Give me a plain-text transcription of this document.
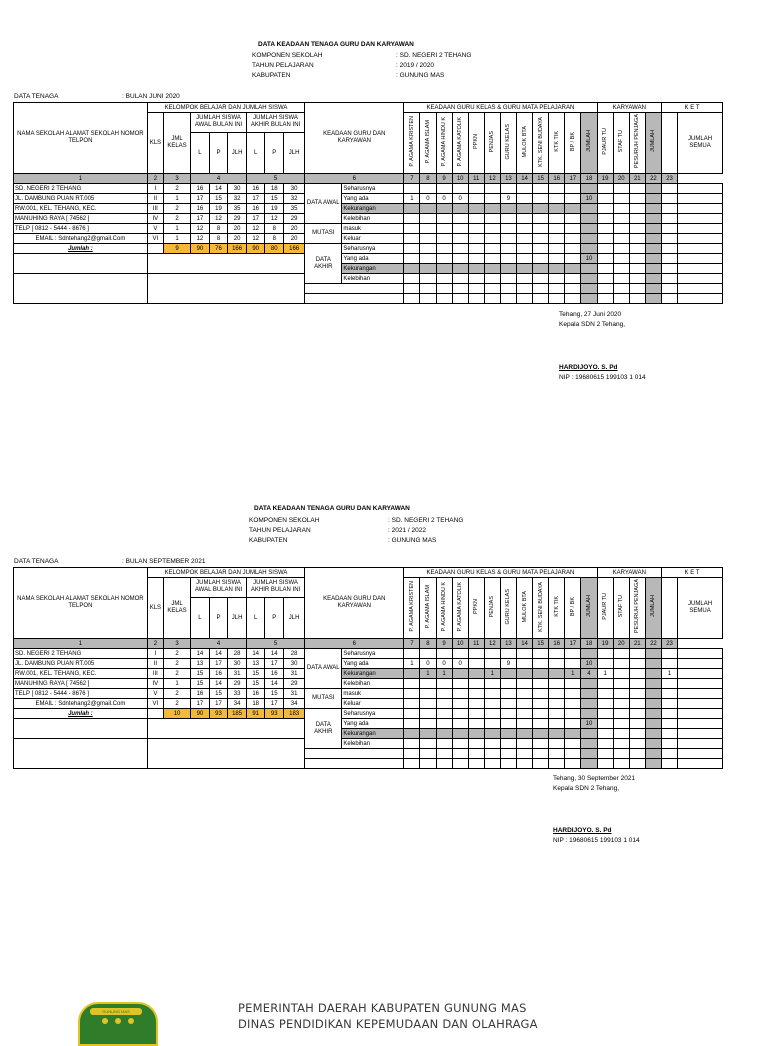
DATA KEADAAN TENAGA GURU DAN KARYAWAN
KOMPONEN SEKOLAH	: SD. NEGERI 2 TEHANG
TAHUN PELAJARAN	: 2019 / 2020
KABUPATEN	: GUNUNG MAS
DATA TENAGA	: BULAN JUNI 2020
NAMA SEKOLAH ALAMAT SEKOLAH NOMOR TELPON	KELOMPOK BELAJAR DAN JUMLAH SISWA								KEADAAN GURU DAN KARYAWAN		KEADAAN GURU KELAS & GURU MATA PELAJARAN												KARYAWAN				K E T	
	KLS	JML KELAS	JUMLAH SISWA AWAL BULAN INI			JUMLAH SISWA AKHIR BULAN INI					P. AGAMA KRISTEN	P. AGAMA ISLAM	P. AGAMA HINDU K	P. AGAMA KATOLIK	PPKN	PENJAS	GURU KELAS	MULOK BTA	KTK. SENI BUDAYA	KTK TIK	BP / BK	JUMLAH	PJAUR TU	STAF TU	PESURUH PENJAGA	JUMLAH		JUMLAH SEMUA
			L	P	JLH	L	P	JLH																				
1	2	3	4			5			6		7	8	9	10	11	12	13	14	15	16	17	18	19	20	21	22	23	
SD. NEGERI 2 TEHANG	I	2	16	14	30	16	18	30	DATA AWAL	Seharusnya																		
JL. DAMBUNG PUAN RT.005	II	1	17	15	32	17	15	32		Yang ada	1	0	0	0			9					10						
RW.001, KEL. TEHANG, KEC.	III	2	16	19	35	16	19	35		Kekurangan																		
MANUHING RAYA [ 74562 ]	IV	2	17	12	29	17	12	29		Kelebihan																		
TELP [ 0812 - 5444 - 8676 ]	V	1	12	8	20	12	8	20	MUTASI	masuk																		
EMAIL : Sdntehang2@gmail.Com	VI	1	12	8	20	12	8	20		Keluar																		
Jumlah :		9	90	76	166	90	80	166	DATA AKHIR	Seharusnya																		
										Yang ada												10						
										Kekurangan																		
										Kelebihan																		

Tehang, 27 Juni 2020
Kepala SDN 2 Tehang,
HARDIJOYO. S. Pd
NIP : 19680615 199103 1 014
DATA KEADAAN TENAGA GURU DAN KARYAWAN
KOMPONEN SEKOLAH	: SD. NEGERI 2 TEHANG
TAHUN PELAJARAN	: 2021 / 2022
KABUPATEN	: GUNUNG MAS
DATA TENAGA	: BULAN SEPTEMBER 2021
NAMA SEKOLAH ALAMAT SEKOLAH NOMOR TELPON	KELOMPOK BELAJAR DAN JUMLAH SISWA								KEADAAN GURU DAN KARYAWAN		KEADAAN GURU KELAS & GURU MATA PELAJARAN												KARYAWAN				K E T	
	KLS	JML KELAS	JUMLAH SISWA AWAL BULAN INI			JUMLAH SISWA AKHIR BULAN INI					P. AGAMA KRISTEN	P. AGAMA ISLAM	P. AGAMA HINDU K	P. AGAMA KATOLIK	PPKN	PENJAS	GURU KELAS	MULOK BTA	KTK. SENI BUDAYA	KTK TIK	BP / BK	JUMLAH	PJAUR TU	STAF TU	PESURUH PENJAGA	JUMLAH		JUMLAH SEMUA
			L	P	JLH	L	P	JLH																				
1	2	3	4			5			6		7	8	9	10	11	12	13	14	15	16	17	18	19	20	21	22	23	
SD. NEGERI 2 TEHANG	I	2	14	14	28	14	14	28	DATA AWAL	Seharusnya																		
JL. DAMBUNG PUAN RT.005	II	2	13	17	30	13	17	30		Yang ada	1	0	0	0			9					10						
RW.001, KEL. TEHANG, KEC.	III	2	15	16	31	15	16	31		Kekurangan		1	1			1					1	4	1				1	
MANUHING RAYA [ 74562 ]	IV	1	15	14	29	15	14	29		Kelebihan																		
TELP [ 0812 - 5444 - 8676 ]	V	2	16	15	33	16	15	31	MUTASI	masuk																		
EMAIL : Sdntehang2@gmail.Com	VI	2	17	17	34	18	17	34		Keluar																		
Jumlah :		10	90	93	185	91	93	183	DATA AKHIR	Seharusnya																		
										Yang ada												10						
										Kekurangan																		
										Kelebihan																		

Tehang, 30 September 2021
Kepala SDN 2 Tehang,
HARDIJOYO. S. Pd
NIP : 19680615 199103 1 014
GUNUNG MAS	PEMERINTAH DAERAH KABUPATEN GUNUNG MAS
DINAS PENDIDIKAN KEPEMUDAAN DAN OLAHRAGA
